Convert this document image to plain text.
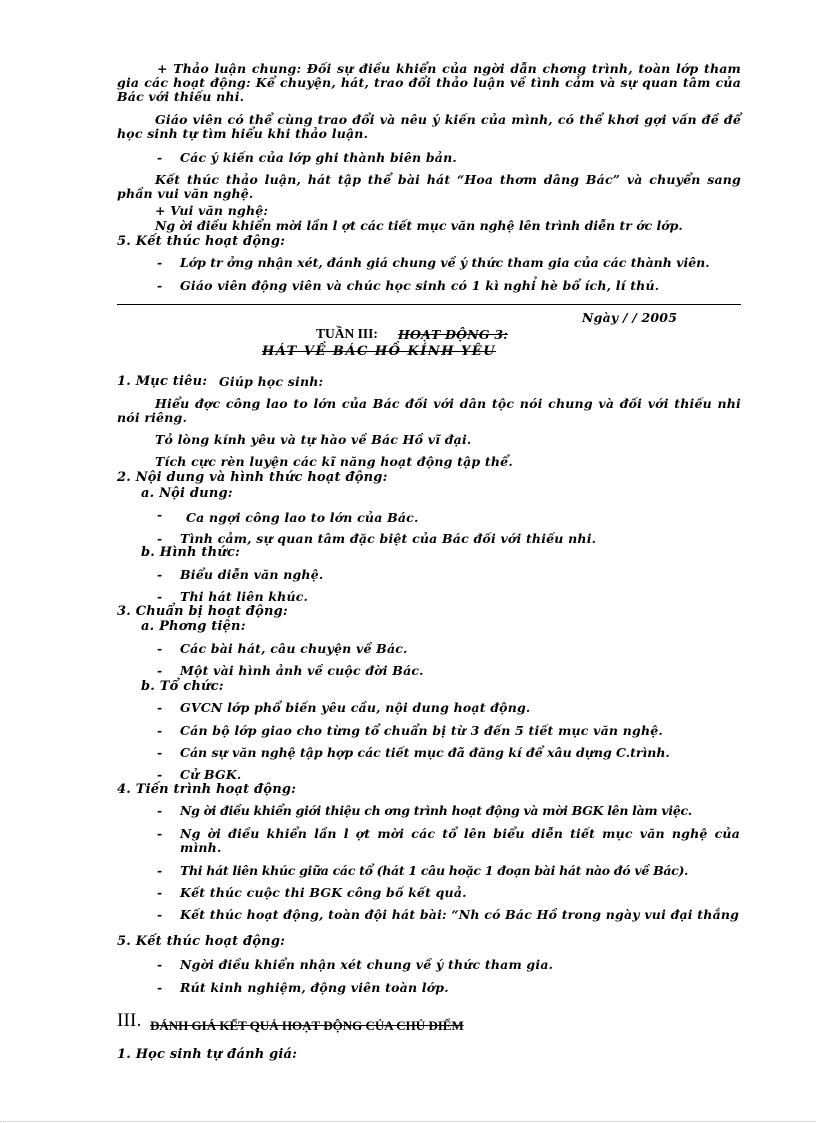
+ Thảo luận chung: Đối sự điều khiển của ngời dẫn chơng trình, toàn lớp tham gia các hoạt động: Kể chuyện, hát, trao đổi thảo luận về tình cảm và sự quan tâm của Bác với thiếu nhi.
Giáo viên có thể cùng trao đổi và nêu ý kiến của mình, có thể khơi gợi vấn đề để học sinh tự tìm hiểu khi thảo luận.
- Các ý kiến của lớp ghi thành biên bản.
Kết thúc thảo luận, hát tập thể bài hát “Hoa thơm dâng Bác” và chuyển sang phần vui văn nghệ.
+ Vui văn nghệ:
Ng ời điều khiển mời lần l ợt các tiết mục văn nghệ lên trình diễn tr ớc lớp.
5. Kết thúc hoạt động:
- Lớp tr ởng nhận xét, đánh giá chung về ý thức tham gia của các thành viên.
- Giáo viên động viên và chúc học sinh có 1 kì nghỉ hè bổ ích, lí thú.
Ngày / / 2005
TUẦN III: HOẠT ĐỘNG 3:
HÁT VỀ BÁC HỒ KÍNH YÊU
1. Mục tiêu: Giúp học sinh:
Hiểu đợc công lao to lớn của Bác đối với dân tộc nói chung và đối với thiếu nhi nói riêng.
Tỏ lòng kính yêu và tự hào về Bác Hồ vĩ đại.
Tích cực rèn luyện các kĩ năng hoạt động tập thể.
2. Nội dung và hình thức hoạt động:
a. Nội dung:
- Ca ngợi công lao to lớn của Bác.
- Tình cảm, sự quan tâm đặc biệt của Bác đối với thiếu nhi.
b. Hình thức:
- Biểu diễn văn nghệ.
- Thi hát liên khúc.
3. Chuẩn bị hoạt động:
a. Phơng tiện:
- Các bài hát, câu chuyện về Bác.
- Một vài hình ảnh về cuộc đời Bác.
b. Tổ chức:
- GVCN lớp phổ biến yêu cầu, nội dung hoạt động.
- Cán bộ lớp giao cho từng tổ chuẩn bị từ 3 đến 5 tiết mục văn nghệ.
- Cán sự văn nghệ tập hợp các tiết mục đã đăng kí để xâu dựng C.trình.
- Cử BGK.
4. Tiến trình hoạt động:
- Ng ời điều khiển giới thiệu ch ơng trình hoạt động và mời BGK lên làm việc.
- Ng ời điều khiển lần l ợt mời các tổ lên biểu diễn tiết mục văn nghệ của mình.
- Thi hát liên khúc giữa các tổ (hát 1 câu hoặc 1 đoạn bài hát nào đó về Bác).
- Kết thúc cuộc thi BGK công bố kết quả.
- Kết thúc hoạt động, toàn đội hát bài: “Nh có Bác Hồ trong ngày vui đại thắng
5. Kết thúc hoạt động:
- Ngời điều khiển nhận xét chung về ý thức tham gia.
- Rút kinh nghiệm, động viên toàn lớp.
III. ĐÁNH GIÁ KẾT QUẢ HOẠT ĐỘNG CỦA CHỦ ĐIỂM
1. Học sinh tự đánh giá:
